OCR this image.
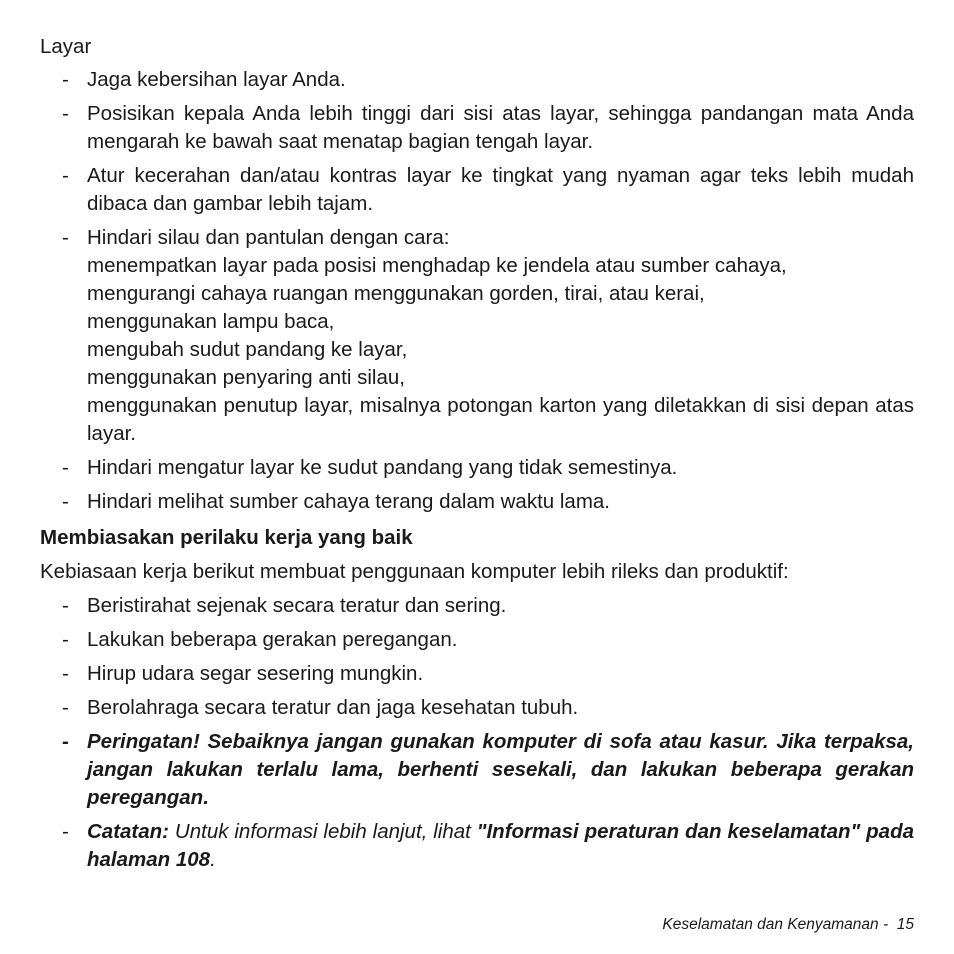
Layar
- Jaga kebersihan layar Anda.
- Posisikan kepala Anda lebih tinggi dari sisi atas layar, sehingga pandangan mata Anda mengarah ke bawah saat menatap bagian tengah layar.
- Atur kecerahan dan/atau kontras layar ke tingkat yang nyaman agar teks lebih mudah dibaca dan gambar lebih tajam.
- Hindari silau dan pantulan dengan cara:
menempatkan layar pada posisi menghadap ke jendela atau sumber cahaya,
mengurangi cahaya ruangan menggunakan gorden, tirai, atau kerai,
menggunakan lampu baca,
mengubah sudut pandang ke layar,
menggunakan penyaring anti silau,
menggunakan penutup layar, misalnya potongan karton yang diletakkan di sisi depan atas layar.
- Hindari mengatur layar ke sudut pandang yang tidak semestinya.
- Hindari melihat sumber cahaya terang dalam waktu lama.
Membiasakan perilaku kerja yang baik
Kebiasaan kerja berikut membuat penggunaan komputer lebih rileks dan produktif:
- Beristirahat sejenak secara teratur dan sering.
- Lakukan beberapa gerakan peregangan.
- Hirup udara segar sesering mungkin.
- Berolahraga secara teratur dan jaga kesehatan tubuh.
- Peringatan! Sebaiknya jangan gunakan komputer di sofa atau kasur. Jika terpaksa, jangan lakukan terlalu lama, berhenti sesekali, dan lakukan beberapa gerakan peregangan.
- Catatan: Untuk informasi lebih lanjut, lihat "Informasi peraturan dan keselamatan" pada halaman 108.
Keselamatan dan Kenyamanan -  15
